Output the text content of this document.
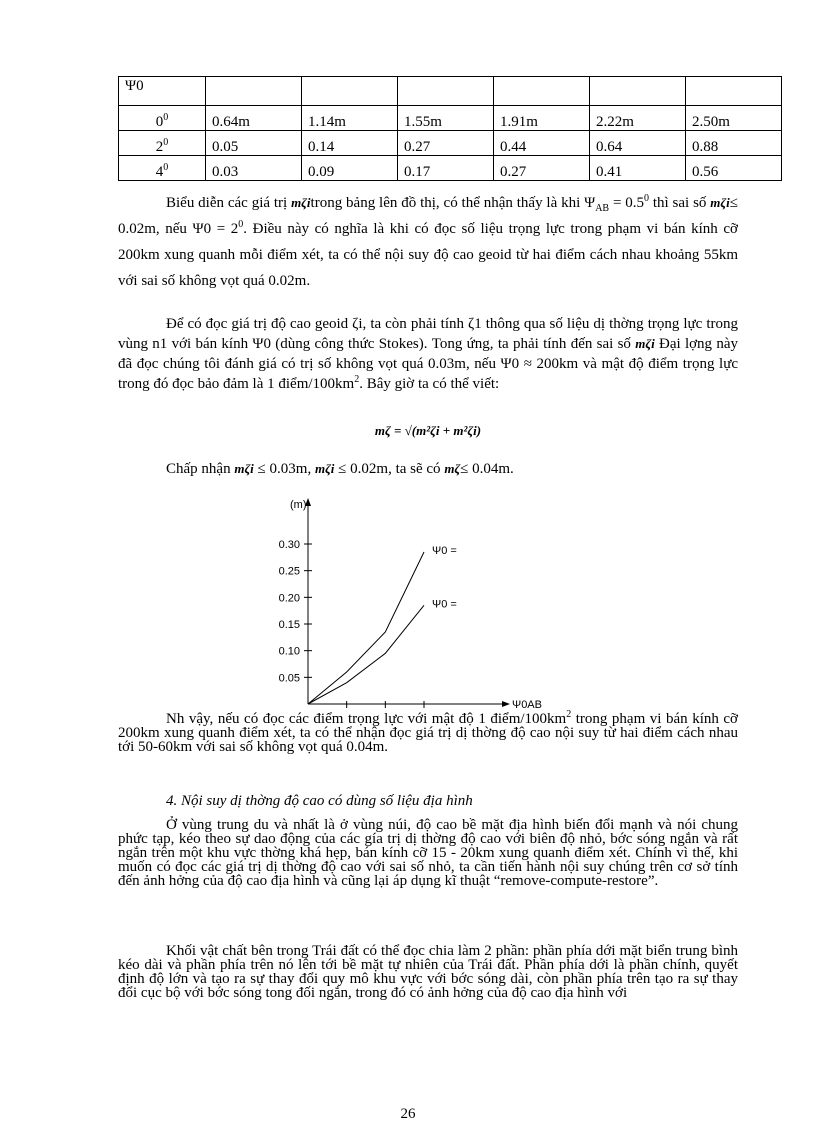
Ψ0						
$0^0$	0.64m	1.14m	1.55m	1.91m	2.22m	2.50m
$2^0$	0.05	0.14	0.27	0.44	0.64	0.88
$4^0$	0.03	0.09	0.17	0.27	0.41	0.56
Biểu diễn các giá trị mζitrong bảng lên đồ thị, có thể nhận thấy là khi $\Psi_{AB} = 0.5^0$ thì sai số mζi≤ 0.02m, nếu $\Psi 0 = 2^0$. Điều này có nghĩa là khi có đọc số liệu trọng lực trong phạm vi bán kính cỡ 200km xung quanh mỗi điểm xét, ta có thể nội suy độ cao geoid từ hai điểm cách nhau khoảng 55km với sai số không vọt quá 0.02m.
Để có đọc giá trị độ cao geoid ζi, ta còn phải tính ζ1 thông qua số liệu dị thờng trọng lực trong vùng n1 với bán kính Ψ0 (dùng công thức Stokes). Tong ứng, ta phải tính đến sai số mζi Đại lợng này đã đọc chúng tôi đánh giá có trị số không vọt quá 0.03m, nếu Ψ0 ≈ 200km và mật độ điểm trọng lực trong đó đọc bảo đảm là 1 điểm/$100km^2$. Bây giờ ta có thể viết:
mζ = √(m²ζi + m²ζi)
Chấp nhận mζi ≤ 0.03m, mζi ≤ 0.02m, ta sẽ có mζ≤ 0.04m.
(m)
Ψ0AB
0.30
0.25
0.20
0.15
0.10
0.05
Ψ0 =
Ψ0 =
Nh vậy, nếu có đọc các điểm trọng lực với mật độ 1 điểm/$100km^2$ trong phạm vi bán kính cỡ 200km xung quanh điểm xét, ta có thể nhận đọc giá trị dị thờng độ cao nội suy từ hai điểm cách nhau tới 50-60km với sai số không vọt quá 0.04m.
4. Nội suy dị thờng độ cao có dùng số liệu địa hình
Ở vùng trung du và nhất là ở vùng núi, độ cao bề mặt địa hình biến đổi mạnh và nói chung phức tạp, kéo theo sự dao động của các gía trị dị thờng độ cao với biên độ nhỏ, bớc sóng ngắn và rất ngắn trên một khu vực thờng khá hẹp, bán kính cỡ 15 - 20km xung quanh điểm xét. Chính vì thế, khi muốn có đọc các giá trị dị thờng độ cao với sai số nhỏ, ta cần tiến hành nội suy chúng trên cơ sở tính đến ảnh hởng của độ cao địa hình và cũng lại áp dụng kĩ thuật “remove-compute-restore”.
Khối vật chất bên trong Trái đất có thể đọc chia làm 2 phần: phần phía dới mặt biển trung bình kéo dài và phần phía trên nó lên tới bề mặt tự nhiên của Trái đất. Phần phía dới là phần chính, quyết định độ lớn và tạo ra sự thay đổi quy mô khu vực với bớc sóng dài, còn phần phía trên tạo ra sự thay đổi cục bộ với bớc sóng tong đối ngắn, trong đó có ảnh hởng của độ cao địa hình với
26
